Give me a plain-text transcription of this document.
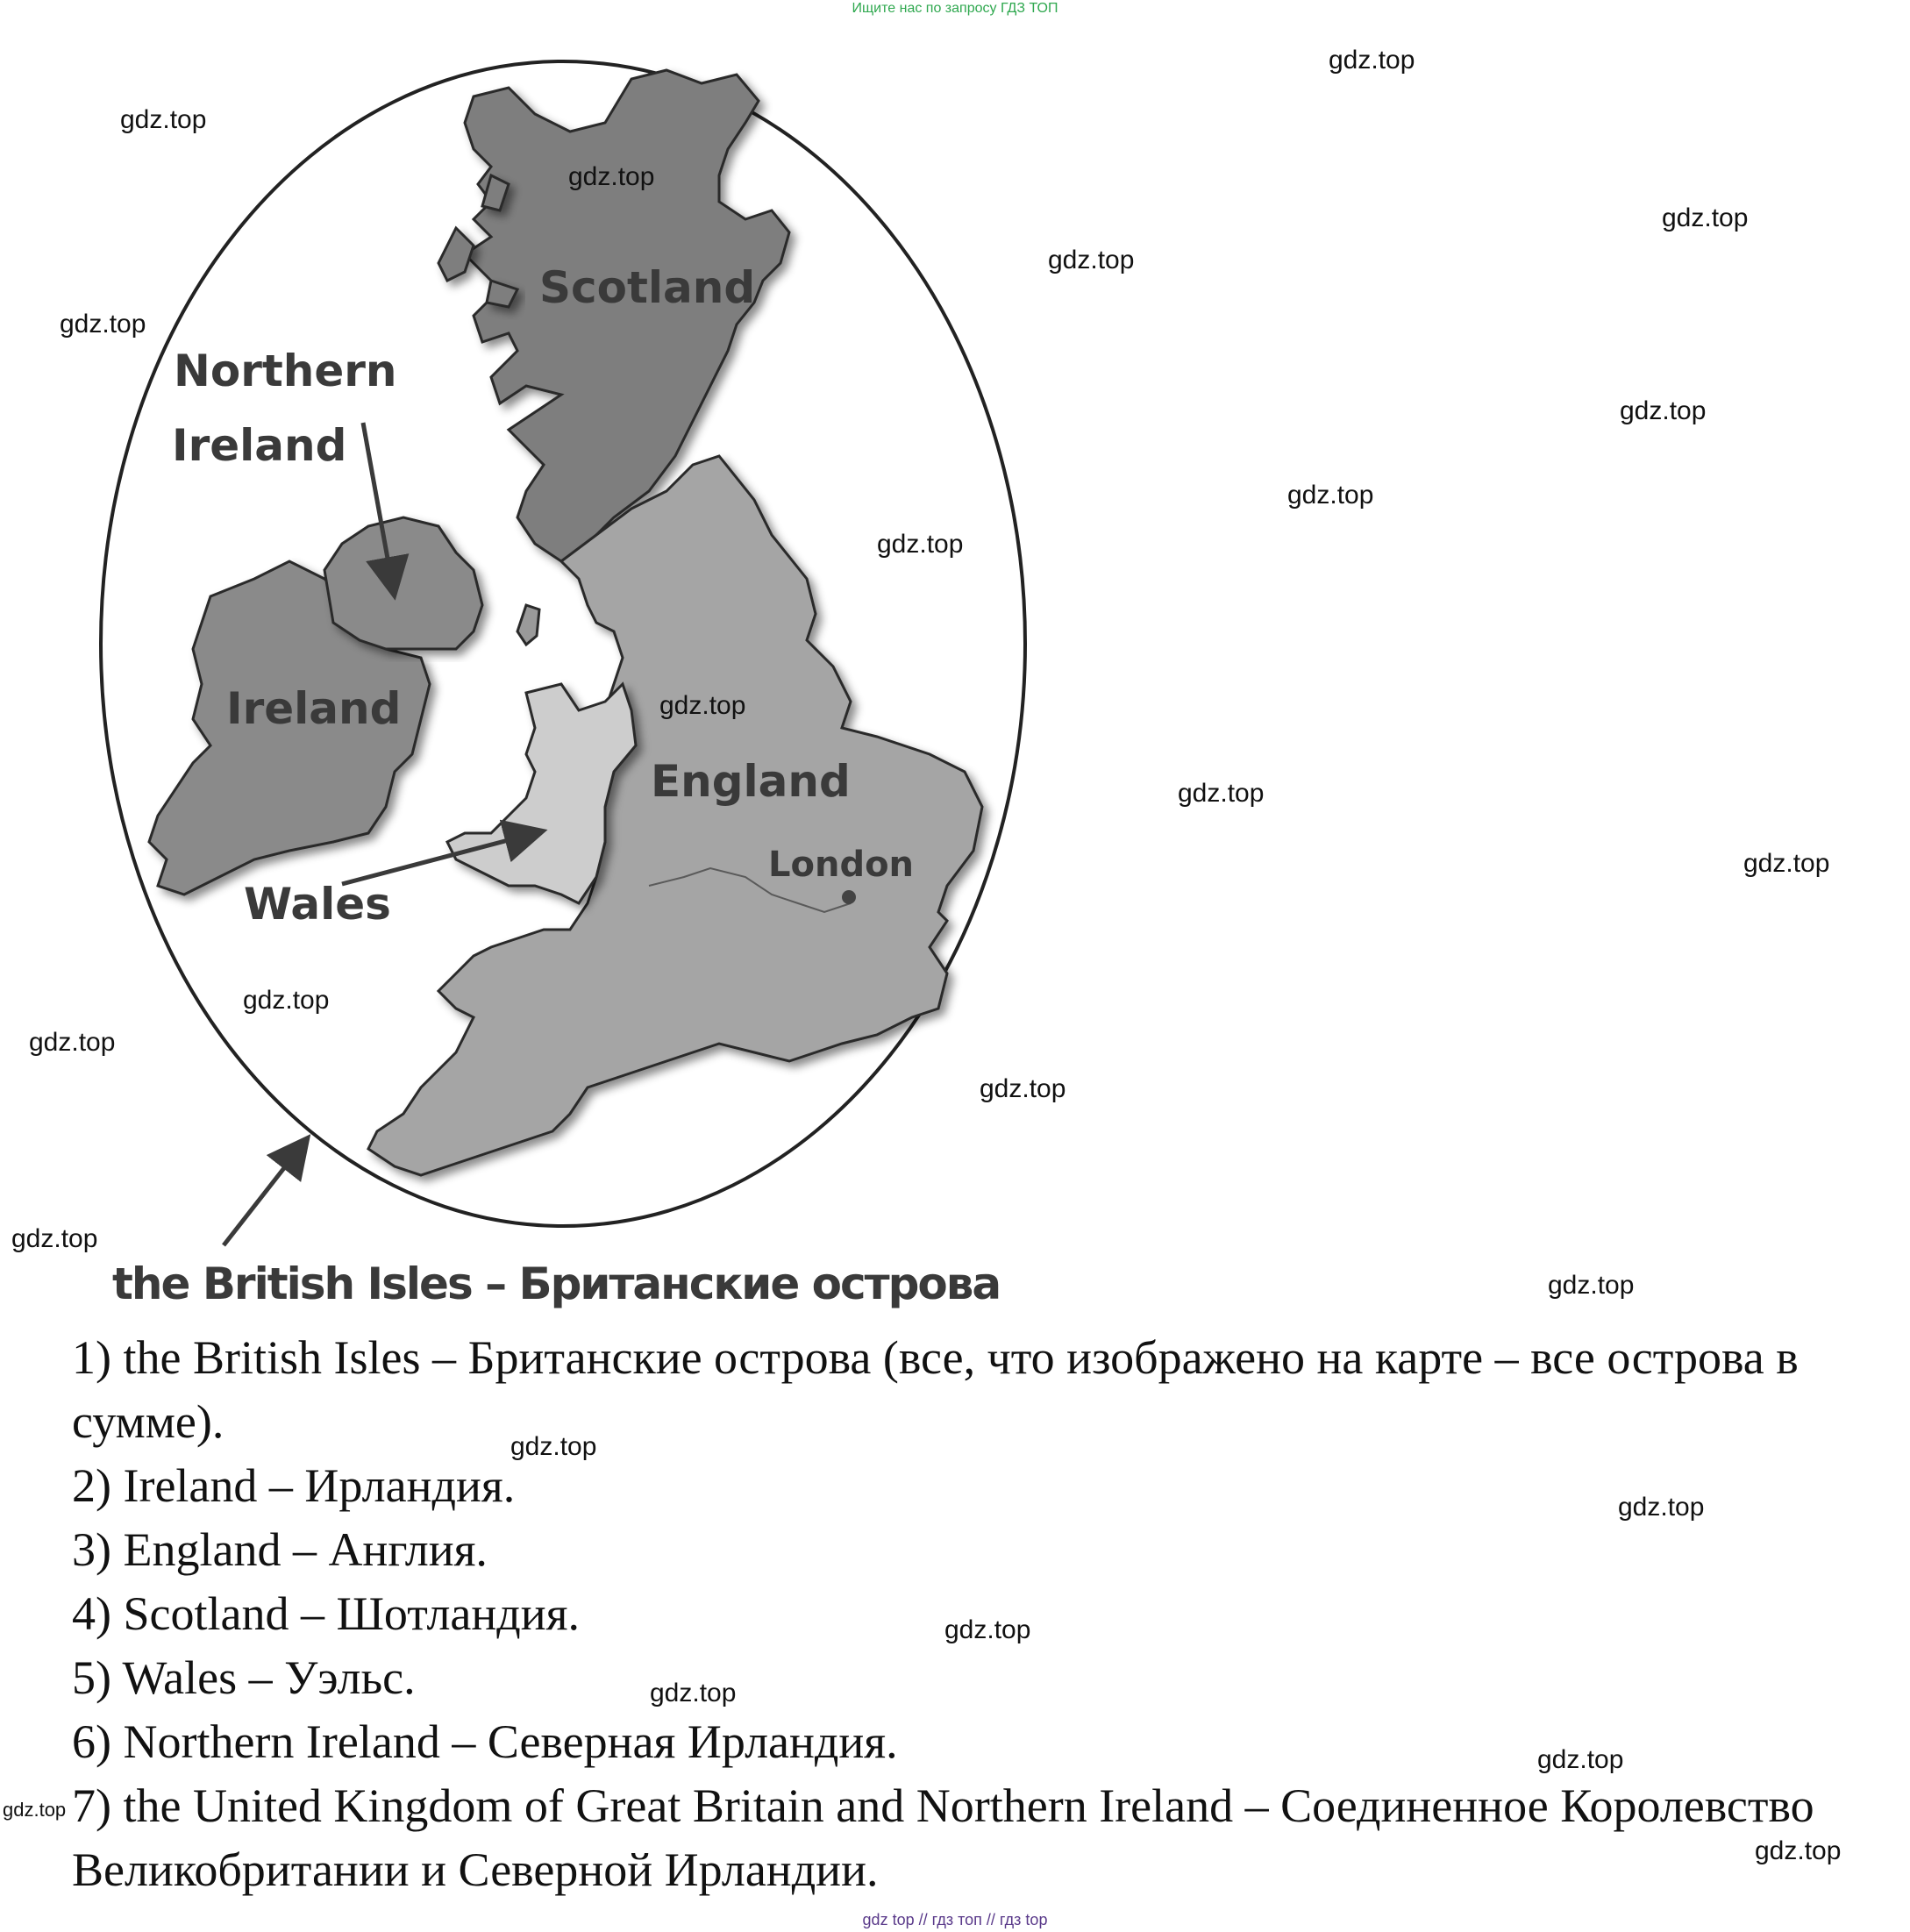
Ищите нас по запросу ГДЗ ТОП
Scotland
Northern
Ireland
Ireland
England
London
Wales
the British Isles – Британские острова

1) the British Isles – Британские острова (все, что изображено на карте – все острова в сумме).

2) Ireland – Ирландия.

3) England – Англия.

4) Scotland – Шотландия.

5) Wales – Уэльс.

6) Northern Ireland – Северная Ирландия.

7) the United Kingdom of Great Britain and Northern Ireland – Соединенное Королевство Великобритании и Северной Ирландии.

gdz.top
gdz.top
gdz.top
gdz.top
gdz.top
gdz.top
gdz.top
gdz.top
gdz.top
gdz.top
gdz.top
gdz.top
gdz.top
gdz.top
gdz.top
gdz.top
gdz.top
gdz.top
gdz.top
gdz.top
gdz.top
gdz.top
gdz.top
gdz.top
gdz top // гдз топ // гдз top
